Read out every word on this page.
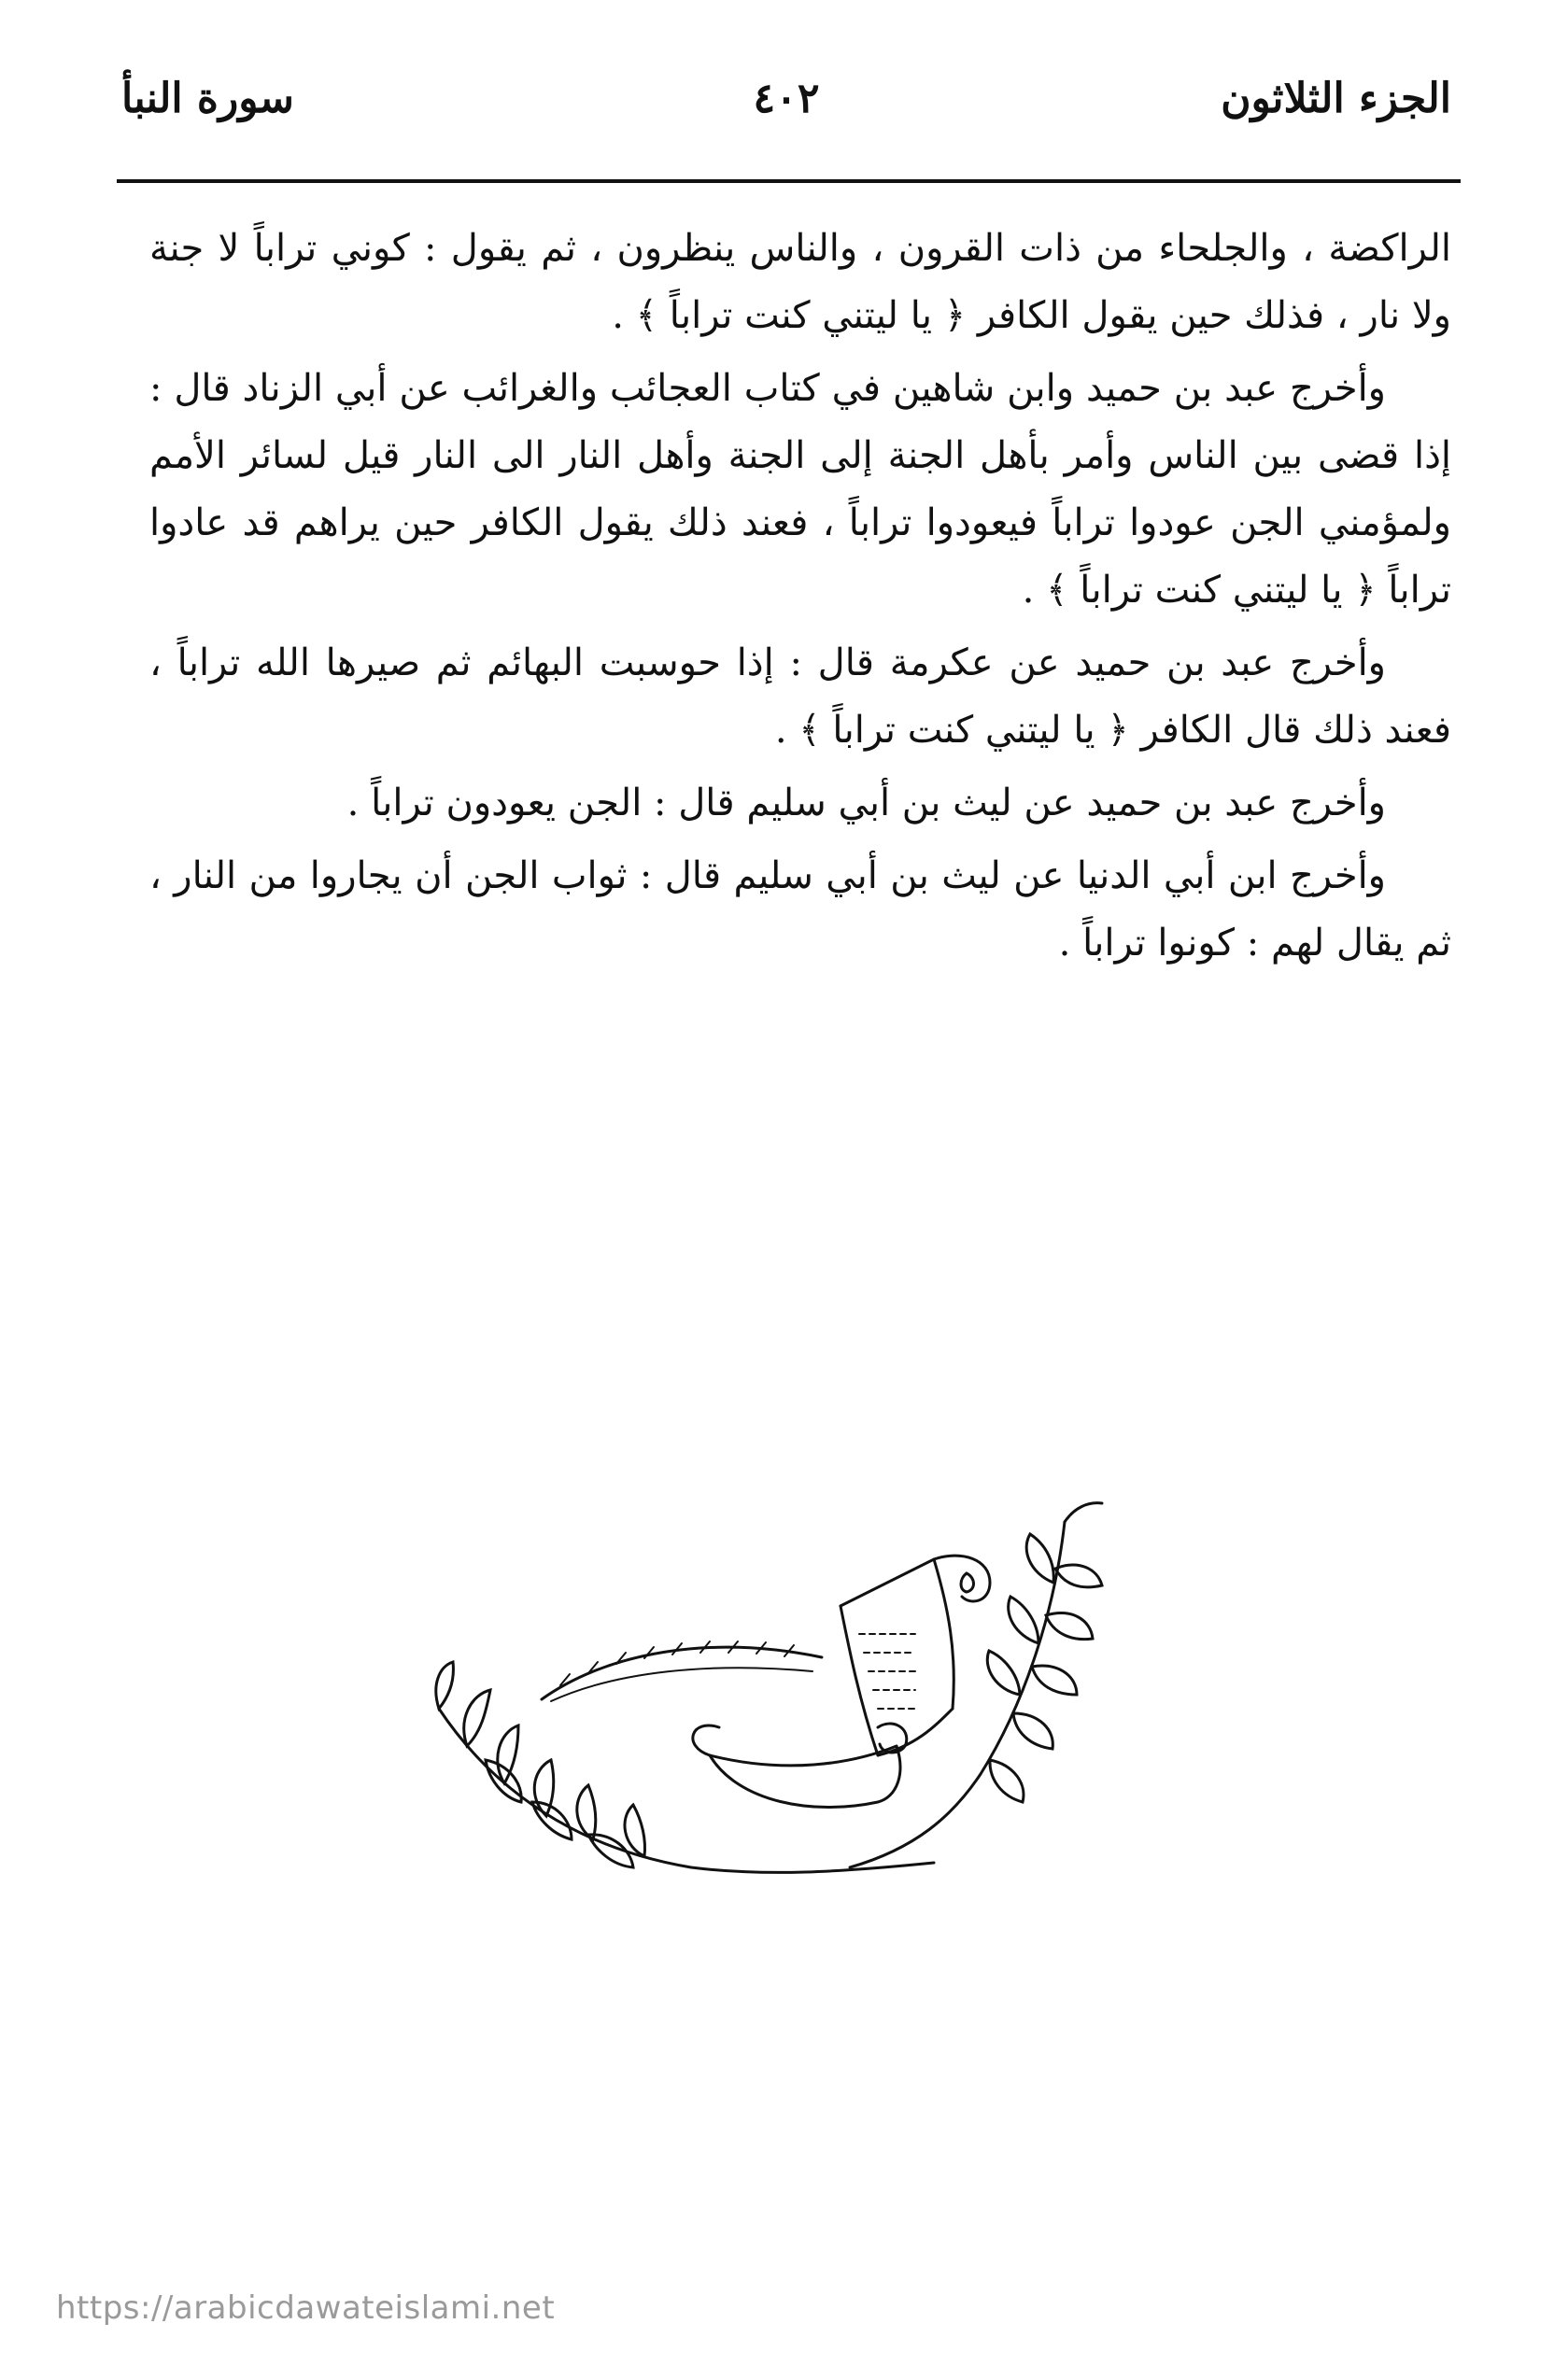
الجزء الثلاثون
٤٠٢
سورة النبأ

الراكضة ، والجلحاء من ذات القرون ، والناس ينظرون ، ثم يقول : كوني تراباً لا جنة ولا نار ، فذلك حين يقول الكافر ﴿ يا ليتني كنت تراباً ﴾ .

وأخرج عبد بن حميد وابن شاهين في كتاب العجائب والغرائب عن أبي الزناد قال : إذا قضى بين الناس وأمر بأهل الجنة إلى الجنة وأهل النار الى النار قيل لسائر الأمم ولمؤمني الجن عودوا تراباً فيعودوا تراباً ، فعند ذلك يقول الكافر حين يراهم قد عادوا تراباً ﴿ يا ليتني كنت تراباً ﴾ .

وأخرج عبد بن حميد عن عكرمة قال : إذا حوسبت البهائم ثم صيرها الله تراباً ، فعند ذلك قال الكافر ﴿ يا ليتني كنت تراباً ﴾ .

وأخرج عبد بن حميد عن ليث بن أبي سليم قال : الجن يعودون تراباً .

وأخرج ابن أبي الدنيا عن ليث بن أبي سليم قال : ثواب الجن أن يجاروا من النار ، ثم يقال لهم : كونوا تراباً .

https://arabicdawateislami.net
